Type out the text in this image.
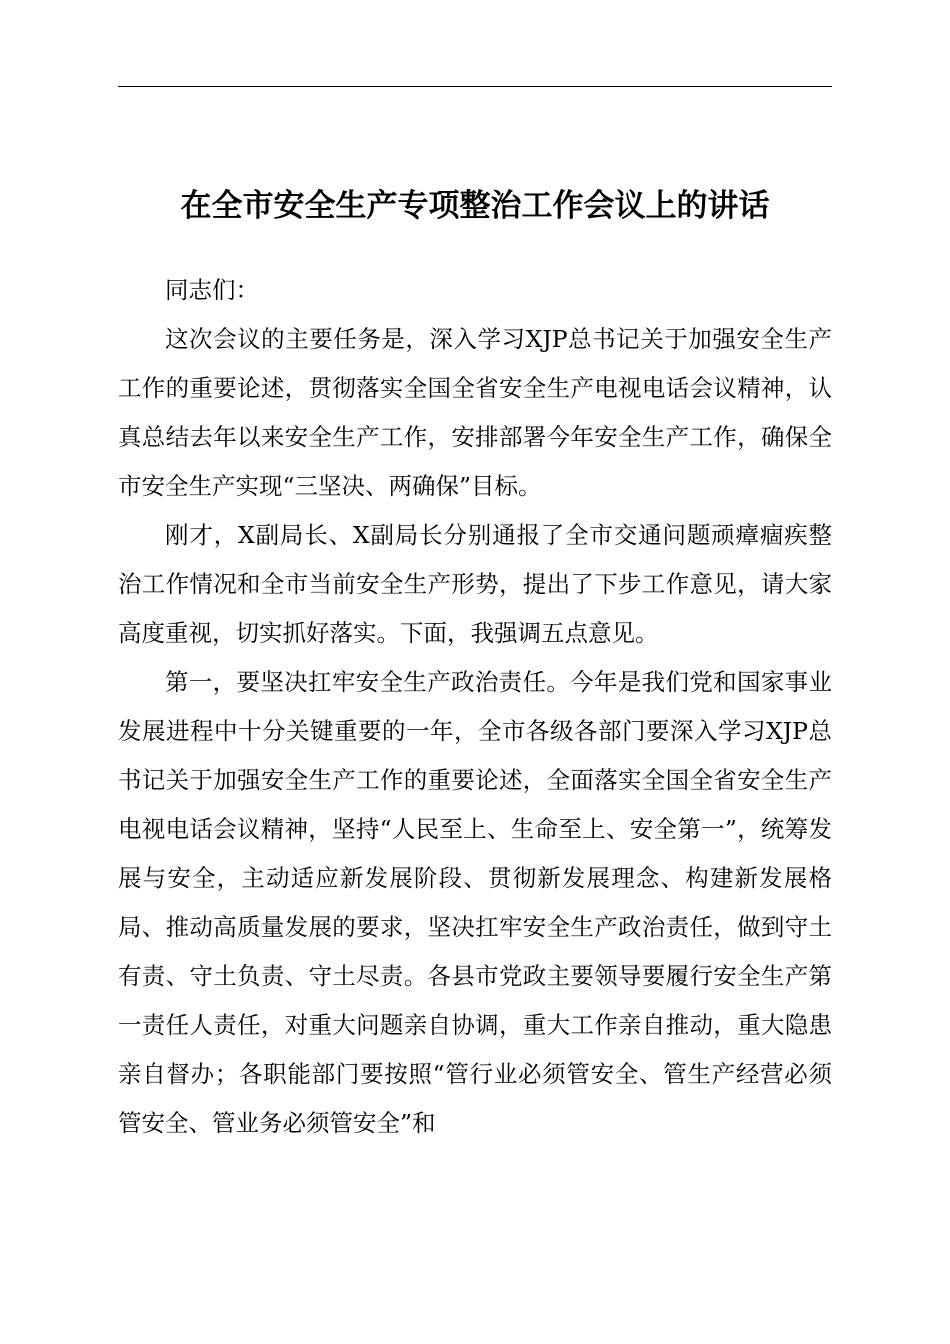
在全市安全生产专项整治工作会议上的讲话

同志们：

这次会议的主要任务是，深入学习XJP总书记关于加强安全生产工作的重要论述，贯彻落实全国全省安全生产电视电话会议精神，认真总结去年以来安全生产工作，安排部署今年安全生产工作，确保全市安全生产实现“三坚决、两确保”目标。

刚才，X副局长、X副局长分别通报了全市交通问题顽瘴痼疾整治工作情况和全市当前安全生产形势，提出了下步工作意见，请大家高度重视，切实抓好落实。下面，我强调五点意见。

第一，要坚决扛牢安全生产政治责任。今年是我们党和国家事业发展进程中十分关键重要的一年，全市各级各部门要深入学习XJP总书记关于加强安全生产工作的重要论述，全面落实全国全省安全生产电视电话会议精神，坚持“人民至上、生命至上、安全第一”，统筹发展与安全，主动适应新发展阶段、贯彻新发展理念、构建新发展格局、推动高质量发展的要求，坚决扛牢安全生产政治责任，做到守土有责、守土负责、守土尽责。各县市党政主要领导要履行安全生产第一责任人责任，对重大问题亲自协调，重大工作亲自推动，重大隐患亲自督办；各职能部门要按照“管行业必须管安全、管生产经营必须管安全、管业务必须管安全”和
